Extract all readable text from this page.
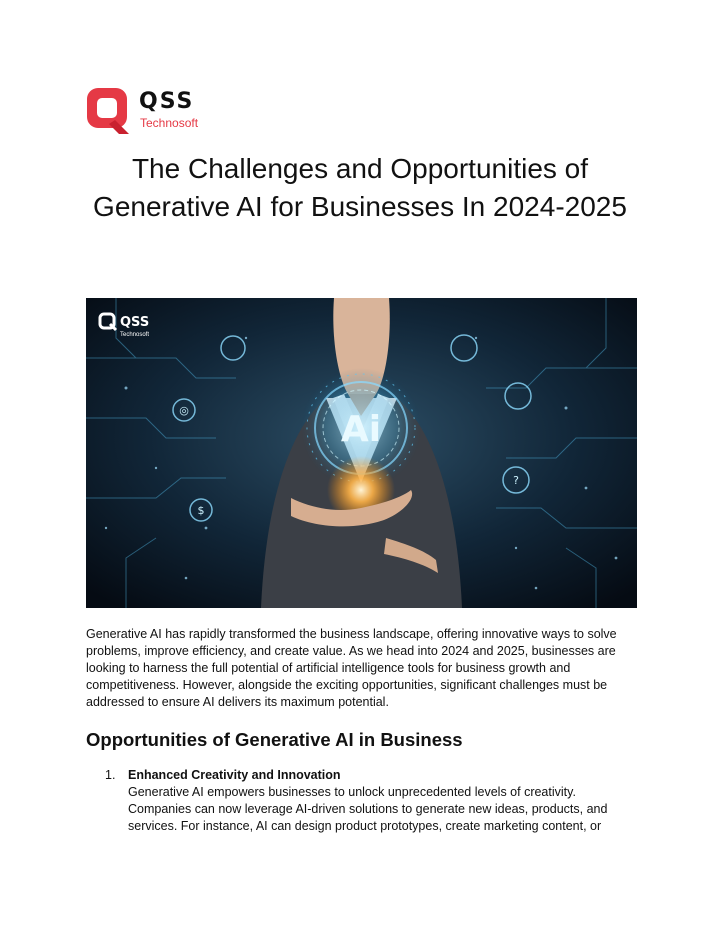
QSS
Technosoft
The Challenges and Opportunities of Generative AI for Businesses In 2024-2025
Ai
◎
?
$
QSS
Technosoft

Generative AI has rapidly transformed the business landscape, offering innovative ways to solve problems, improve efficiency, and create value. As we head into 2024 and 2025, businesses are looking to harness the full potential of artificial intelligence tools for business growth and competitiveness. However, alongside the exciting opportunities, significant challenges must be addressed to ensure AI delivers its maximum potential.

Opportunities of Generative AI in Business
1. Enhanced Creativity and Innovation
Generative AI empowers businesses to unlock unprecedented levels of creativity. Companies can now leverage AI-driven solutions to generate new ideas, products, and services. For instance, AI can design product prototypes, create marketing content, or
